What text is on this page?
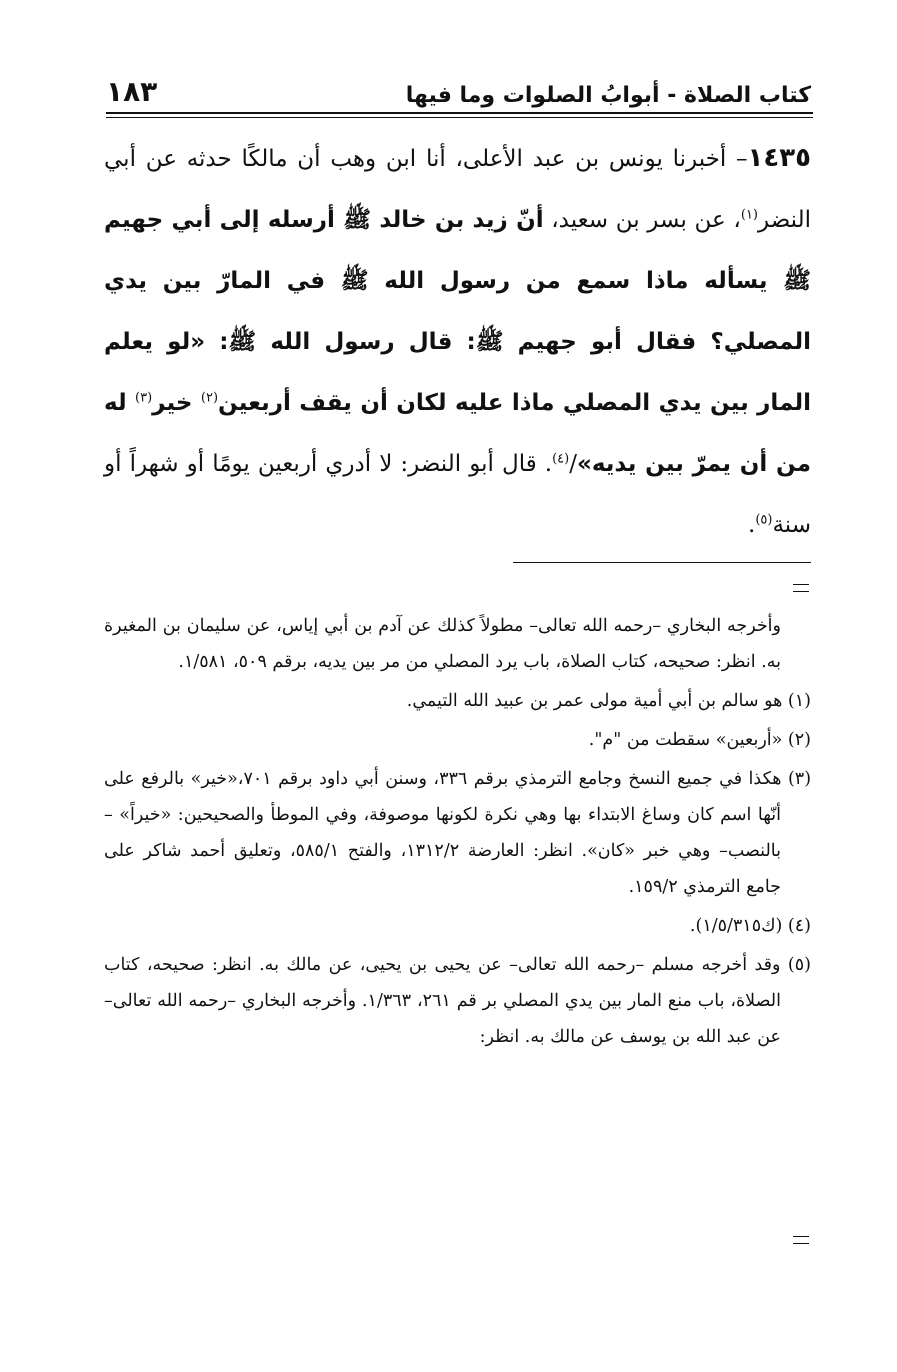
كتاب الصلاة - أبوابُ الصلوات وما فيها
١٨٣

١٤٣٥– أخبرنا يونس بن عبد الأعلى، أنا ابن وهب أن مالكًا حدثه عن أبي النضر$^{(١)}$، عن بسر بن سعيد، أنّ زيد بن خالد ﷺ أرسله إلى أبي جهيم ﷺ يسأله ماذا سمع من رسول الله ﷺ في المارّ بين يدي المصلي؟ فقال أبو جهيم ﷺ: قال رسول الله ﷺ: «لو يعلم المار بين يدي المصلي ماذا عليه لكان أن يقف أربعين$^{(٢)}$ خير$^{(٣)}$ له من أن يمرّ بين يديه»/$^{(٤)}$. قال أبو النضر: لا أدري أربعين يومًا أو شهراً أو سنة$^{(٥)}$.

وأخرجه البخاري –رحمه الله تعالى– مطولاً كذلك عن آدم بن أبي إياس، عن سليمان بن المغيرة به. انظر: صحيحه، كتاب الصلاة، باب يرد المصلي من مر بين يديه، برقم ٥٠٩، ١/٥٨١.

(١) هو سالم بن أبي أمية مولى عمر بن عبيد الله التيمي.

(٢) «أربعين» سقطت من "م".

(٣) هكذا في جميع النسخ وجامع الترمذي برقم ٣٣٦، وسنن أبي داود برقم ٧٠١،«خير» بالرفع على أنّها اسم كان وساغ الابتداء بها وهي نكرة لكونها موصوفة، وفي الموطأ والصحيحين: «خيراً» –بالنصب– وهي خبر «كان». انظر: العارضة ١٣١٢/٢، والفتح ٥٨٥/١، وتعليق أحمد شاكر على جامع الترمذي ١٥٩/٢.

(٤) (ك١/٥/٣١٥).

(٥) وقد أخرجه مسلم –رحمه الله تعالى– عن يحيى بن يحيى، عن مالك به. انظر: صحيحه، كتاب الصلاة، باب منع المار بين يدي المصلي بر قم ٢٦١، ١/٣٦٣. وأخرجه البخاري –رحمه الله تعالى– عن عبد الله بن يوسف عن مالك به. انظر:
